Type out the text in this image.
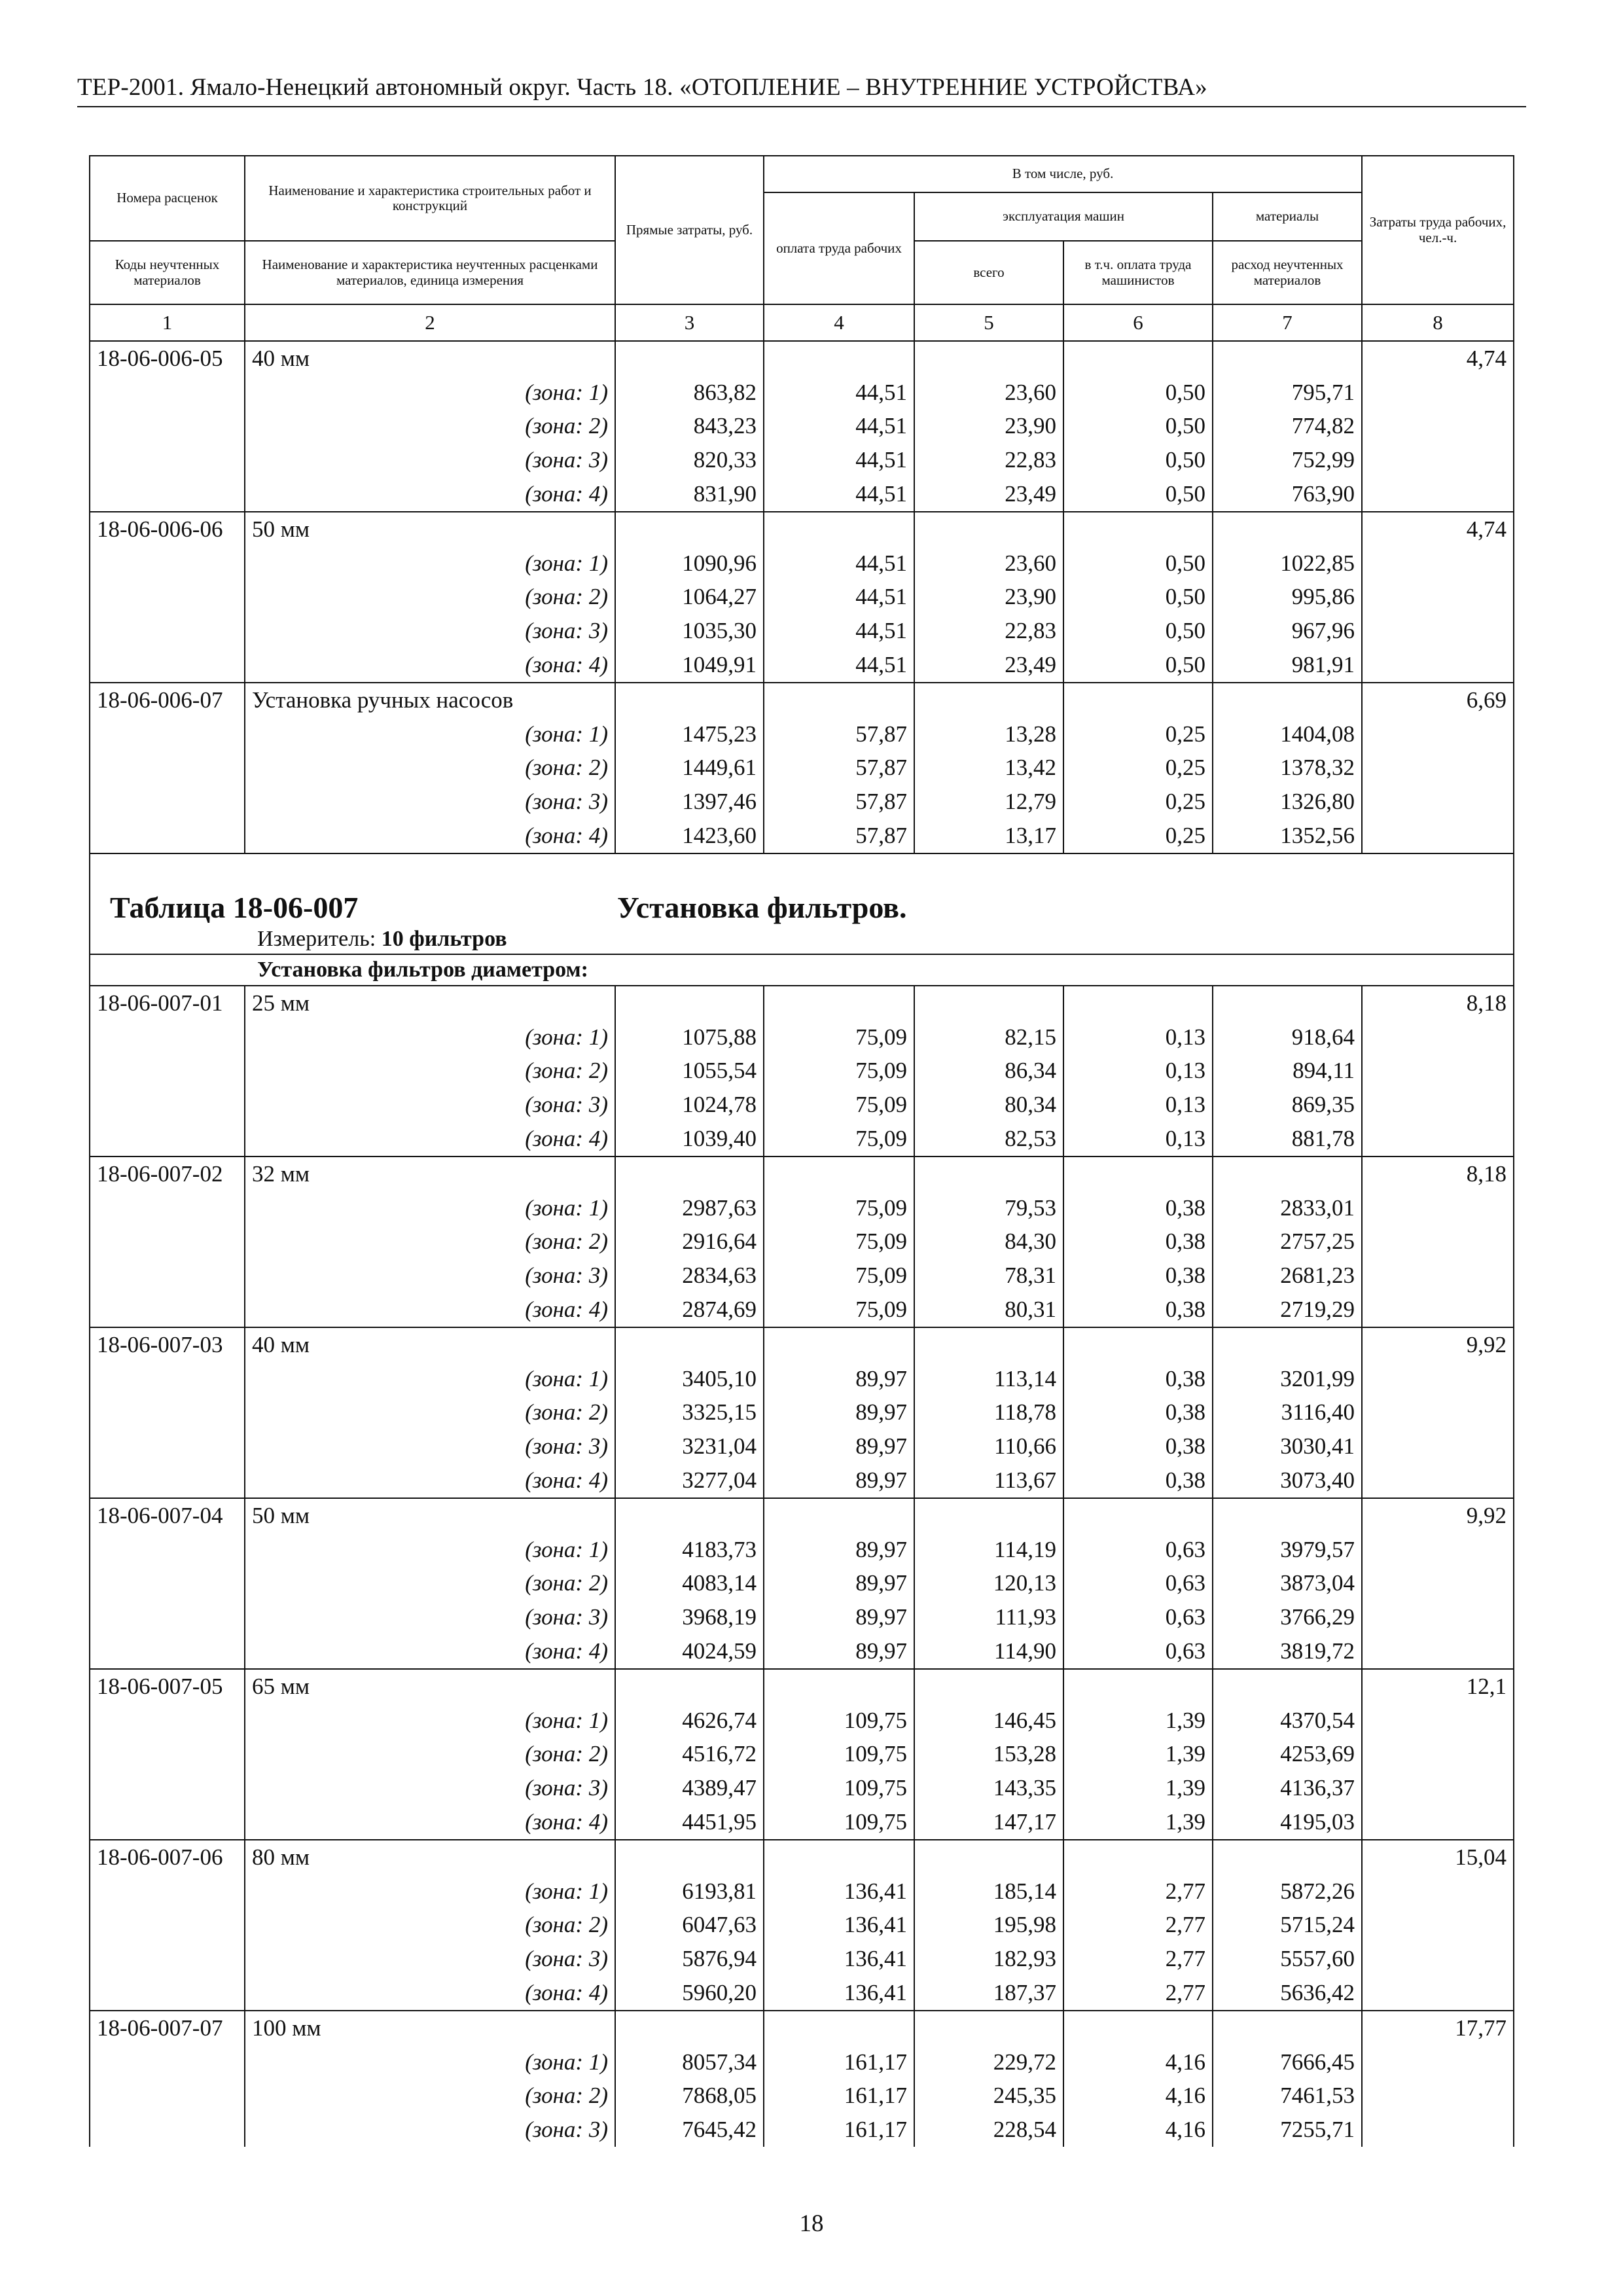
ТЕР-2001. Ямало-Ненецкий автономный округ. Часть 18. «ОТОПЛЕНИЕ – ВНУТРЕННИЕ УСТРОЙСТВА»
Номера расценок	Наименование и характеристика строительных работ и конструкций	Прямые затраты, руб.	В том числе, руб.				Затраты труда рабочих, чел.-ч.
			оплата труда рабочих	эксплуатация машин		материалы	
Коды неучтенных материалов	Наименование и характеристика неучтенных расценками материалов, единица измерения			всего	в т.ч. оплата труда машинистов	расход неучтенных материалов	
1	2	3	4	5	6	7	8
18-06-006-05	40 мм						4,74
	(зона: 1)	863,82	44,51	23,60	0,50	795,71	
	(зона: 2)	843,23	44,51	23,90	0,50	774,82	
	(зона: 3)	820,33	44,51	22,83	0,50	752,99	
	(зона: 4)	831,90	44,51	23,49	0,50	763,90	
18-06-006-06	50 мм						4,74
	(зона: 1)	1090,96	44,51	23,60	0,50	1022,85	
	(зона: 2)	1064,27	44,51	23,90	0,50	995,86	
	(зона: 3)	1035,30	44,51	22,83	0,50	967,96	
	(зона: 4)	1049,91	44,51	23,49	0,50	981,91	
18-06-006-07	Установка ручных насосов						6,69
	(зона: 1)	1475,23	57,87	13,28	0,25	1404,08	
	(зона: 2)	1449,61	57,87	13,42	0,25	1378,32	
	(зона: 3)	1397,46	57,87	12,79	0,25	1326,80	
	(зона: 4)	1423,60	57,87	13,17	0,25	1352,56	
Таблица 18-06-007 Установка фильтров.							
Измеритель: 10 фильтров							
Установка фильтров диаметром:							
18-06-007-01	25 мм						8,18
	(зона: 1)	1075,88	75,09	82,15	0,13	918,64	
	(зона: 2)	1055,54	75,09	86,34	0,13	894,11	
	(зона: 3)	1024,78	75,09	80,34	0,13	869,35	
	(зона: 4)	1039,40	75,09	82,53	0,13	881,78	
18-06-007-02	32 мм						8,18
	(зона: 1)	2987,63	75,09	79,53	0,38	2833,01	
	(зона: 2)	2916,64	75,09	84,30	0,38	2757,25	
	(зона: 3)	2834,63	75,09	78,31	0,38	2681,23	
	(зона: 4)	2874,69	75,09	80,31	0,38	2719,29	
18-06-007-03	40 мм						9,92
	(зона: 1)	3405,10	89,97	113,14	0,38	3201,99	
	(зона: 2)	3325,15	89,97	118,78	0,38	3116,40	
	(зона: 3)	3231,04	89,97	110,66	0,38	3030,41	
	(зона: 4)	3277,04	89,97	113,67	0,38	3073,40	
18-06-007-04	50 мм						9,92
	(зона: 1)	4183,73	89,97	114,19	0,63	3979,57	
	(зона: 2)	4083,14	89,97	120,13	0,63	3873,04	
	(зона: 3)	3968,19	89,97	111,93	0,63	3766,29	
	(зона: 4)	4024,59	89,97	114,90	0,63	3819,72	
18-06-007-05	65 мм						12,1
	(зона: 1)	4626,74	109,75	146,45	1,39	4370,54	
	(зона: 2)	4516,72	109,75	153,28	1,39	4253,69	
	(зона: 3)	4389,47	109,75	143,35	1,39	4136,37	
	(зона: 4)	4451,95	109,75	147,17	1,39	4195,03	
18-06-007-06	80 мм						15,04
	(зона: 1)	6193,81	136,41	185,14	2,77	5872,26	
	(зона: 2)	6047,63	136,41	195,98	2,77	5715,24	
	(зона: 3)	5876,94	136,41	182,93	2,77	5557,60	
	(зона: 4)	5960,20	136,41	187,37	2,77	5636,42	
18-06-007-07	100 мм						17,77
	(зона: 1)	8057,34	161,17	229,72	4,16	7666,45	
	(зона: 2)	7868,05	161,17	245,35	4,16	7461,53	
	(зона: 3)	7645,42	161,17	228,54	4,16	7255,71	
18
